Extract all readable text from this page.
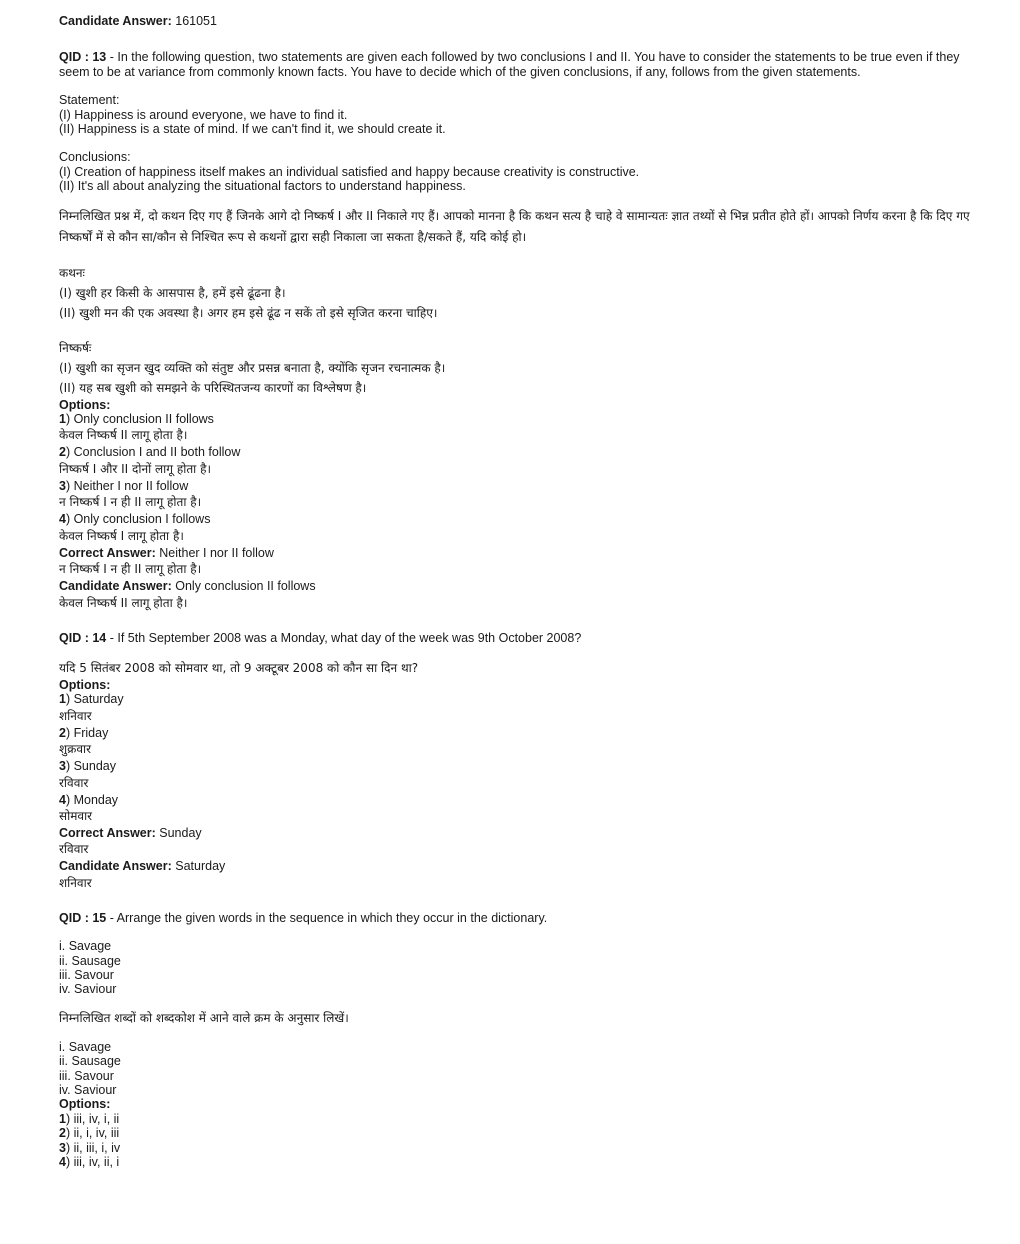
Candidate Answer: 161051
QID : 13 - In the following question, two statements are given each followed by two conclusions I and II. You have to consider the statements to be true even if they seem to be at variance from commonly known facts. You have to decide which of the given conclusions, if any, follows from the given statements.
Statement:
(I) Happiness is around everyone, we have to find it.
(II) Happiness is a state of mind. If we can't find it, we should create it.
Conclusions:
(I) Creation of happiness itself makes an individual satisfied and happy because creativity is constructive.
(II) It's all about analyzing the situational factors to understand happiness.
निम्नलिखित प्रश्न में, दो कथन दिए गए हैं जिनके आगे दो निष्कर्ष I और II निकाले गए हैं। आपको मानना है कि कथन सत्य है चाहे वे सामान्यतः ज्ञात तथ्यों से भिन्न प्रतीत होते हों। आपको निर्णय करना है कि दिए गए निष्कर्षों में से कौन सा/कौन से निश्चित रूप से कथनों द्वारा सही निकाला जा सकता है/सकते हैं, यदि कोई हो।
कथनः
(I) खुशी हर किसी के आसपास है, हमें इसे ढूंढना है।
(II) खुशी मन की एक अवस्था है। अगर हम इसे ढूंढ न सकें तो इसे सृजित करना चाहिए।
निष्कर्षः
(I) खुशी का सृजन खुद व्यक्ति को संतुष्ट और प्रसन्न बनाता है, क्योंकि सृजन रचनात्मक है।
(II) यह सब खुशी को समझने के परिस्थितजन्य कारणों का विश्लेषण है।
Options:
1) Only conclusion II follows
केवल निष्कर्ष II लागू होता है।
2) Conclusion I and II both follow
निष्कर्ष I और II दोनों लागू होता है।
3) Neither I nor II follow
न निष्कर्ष I न ही II लागू होता है।
4) Only conclusion I follows
केवल निष्कर्ष I लागू होता है।
Correct Answer: Neither I nor II follow
न निष्कर्ष I न ही II लागू होता है।
Candidate Answer: Only conclusion II follows
केवल निष्कर्ष II लागू होता है।
QID : 14 - If 5th September 2008 was a Monday, what day of the week was 9th October 2008?
यदि 5 सितंबर 2008 को सोमवार था, तो 9 अक्टूबर 2008 को कौन सा दिन था?
Options:
1) Saturday
शनिवार
2) Friday
शुक्रवार
3) Sunday
रविवार
4) Monday
सोमवार
Correct Answer: Sunday
रविवार
Candidate Answer: Saturday
शनिवार
QID : 15 - Arrange the given words in the sequence in which they occur in the dictionary.
i. Savage
ii. Sausage
iii. Savour
iv. Saviour
निम्नलिखित शब्दों को शब्दकोश में आने वाले क्रम के अनुसार लिखें।
i. Savage
ii. Sausage
iii. Savour
iv. Saviour
Options:
1) iii, iv, i, ii
2) ii, i, iv, iii
3) ii, iii, i, iv
4) iii, iv, ii, i
